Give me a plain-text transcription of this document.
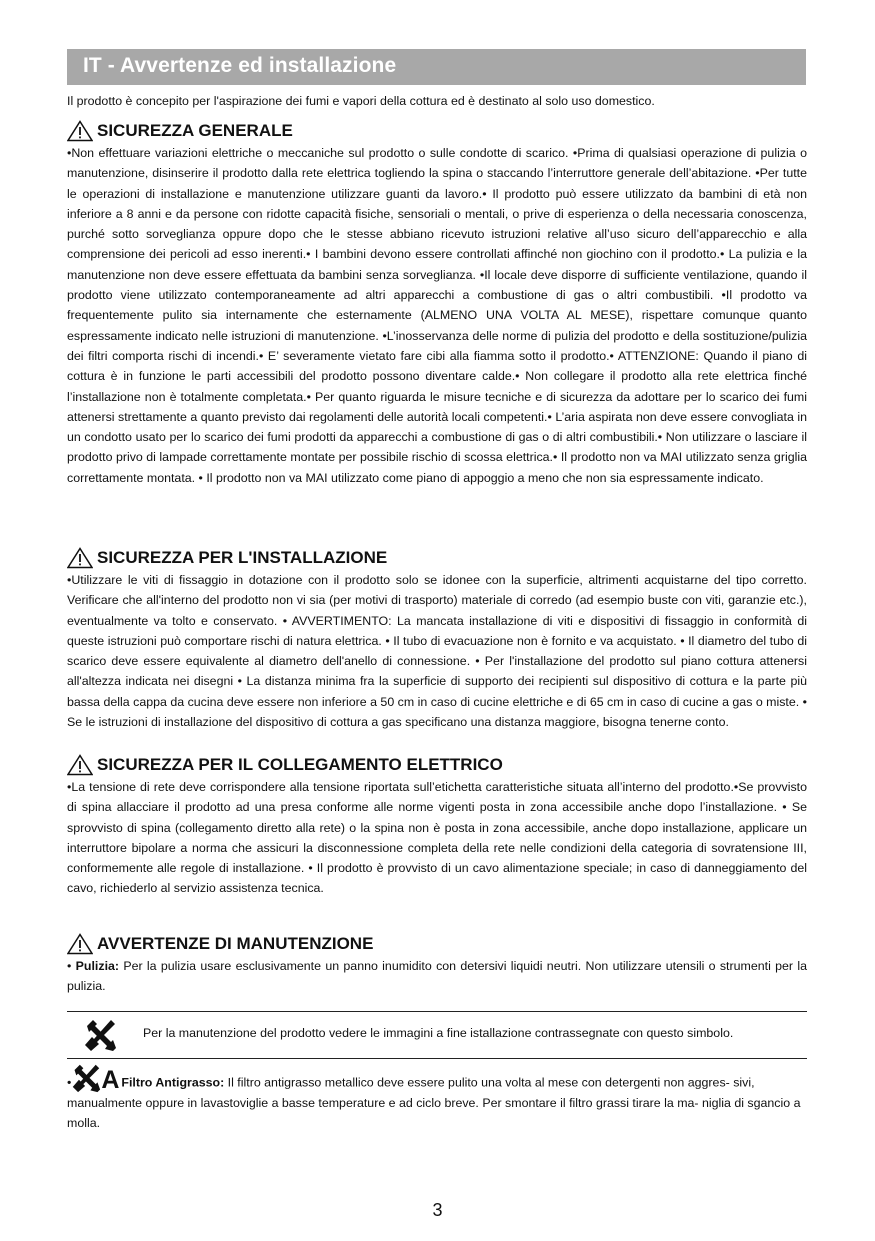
IT - Avvertenze ed installazione
Il prodotto è concepito per l'aspirazione dei fumi e vapori della cottura ed è destinato al solo uso domestico.
SICUREZZA GENERALE
•Non effettuare variazioni elettriche o meccaniche sul prodotto o sulle condotte di scarico. •Prima di qualsiasi operazione di pulizia o manutenzione, disinserire il prodotto dalla rete elettrica togliendo la spina o staccando l’interruttore generale dell’abitazione. •Per tutte le operazioni di installazione e manutenzione utilizzare guanti da lavoro.• Il prodotto può essere utilizzato da bambini di età non inferiore a 8 anni e da persone con ridotte capacità fisiche, sensoriali o mentali, o prive di esperienza o della necessaria conoscenza, purché sotto sorveglianza oppure dopo che le stesse abbiano ricevuto istruzioni relative all’uso sicuro dell’apparecchio e alla comprensione dei pericoli ad esso inerenti.• I bambini devono essere controllati affinché non giochino con il prodotto.• La pulizia e la manutenzione non deve essere effettuata da bambini senza sorveglianza. •Il locale deve disporre di sufficiente ventilazione, quando il prodotto viene utilizzato contemporaneamente ad altri apparecchi a combustione di gas o altri combustibili. •Il prodotto va frequentemente pulito sia internamente che esternamente (ALMENO UNA VOLTA AL MESE), rispettare comunque quanto espressamente indicato nelle istruzioni di manutenzione. •L’inosservanza delle norme di pulizia del prodotto e della sostituzione/pulizia dei filtri comporta rischi di incendi.• E’ severamente vietato fare cibi alla fiamma sotto il prodotto.• ATTENZIONE: Quando il piano di cottura è in funzione le parti accessibili del prodotto possono diventare calde.• Non collegare il prodotto alla rete elettrica finché l’installazione non è totalmente completata.• Per quanto riguarda le misure tecniche e di sicurezza da adottare per lo scarico dei fumi attenersi strettamente a quanto previsto dai regolamenti delle autorità locali competenti.• L’aria aspirata non deve essere convogliata in un condotto usato per lo scarico dei fumi prodotti da apparecchi a combustione di gas o di altri combustibili.• Non utilizzare o lasciare il prodotto privo di lampade correttamente montate per possibile rischio di scossa elettrica.• Il prodotto non va MAI utilizzato senza griglia correttamente montata. • Il prodotto non va MAI utilizzato come piano di appoggio a meno che non sia espressamente indicato.
SICUREZZA PER L'INSTALLAZIONE
•Utilizzare le viti di fissaggio in dotazione con il prodotto solo se idonee con la superficie, altrimenti acquistarne del tipo corretto. Verificare che all'interno del prodotto non vi sia (per motivi di trasporto) materiale di corredo (ad esempio buste con viti, garanzie etc.), eventualmente va tolto e conservato. • AVVERTIMENTO: La mancata installazione di viti e dispositivi di fissaggio in conformità di queste istruzioni può comportare rischi di natura elettrica. • Il tubo di evacuazione non è fornito e va acquistato. • Il diametro del tubo di scarico deve essere equivalente al diametro dell'anello di connessione. • Per l'installazione del prodotto sul piano cottura attenersi all'altezza indicata nei disegni • La distanza minima fra la superficie di supporto dei recipienti sul dispositivo di cottura e la parte più bassa della cappa da cucina deve essere non inferiore a 50 cm in caso di cucine elettriche e di 65 cm in caso di cucine a gas o miste. • Se le istruzioni di installazione del dispositivo di cottura a gas specificano una distanza maggiore, bisogna tenerne conto.
SICUREZZA PER IL COLLEGAMENTO ELETTRICO
•La tensione di rete deve corrispondere alla tensione riportata sull’etichetta caratteristiche situata all’interno del prodotto.•Se provvisto di spina allacciare il prodotto ad una presa conforme alle norme vigenti posta in zona accessibile anche dopo l’installazione. • Se sprovvisto di spina (collegamento diretto alla rete) o la spina non è posta in zona accessibile, anche dopo installazione, applicare un interruttore bipolare a norma che assicuri la disconnessione completa della rete nelle condizioni della categoria di sovratensione III, conformemente alle regole di installazione. • Il prodotto è provvisto di un cavo alimentazione speciale; in caso di danneggiamento del cavo, richiederlo al servizio assistenza tecnica.
AVVERTENZE DI MANUTENZIONE
• Pulizia: Per la pulizia usare esclusivamente un panno inumidito con detersivi liquidi neutri. Non utilizzare utensili o strumenti per la pulizia.
Per la manutenzione del prodotto vedere le immagini a fine istallazione contrassegnate con questo simbolo.
• A Filtro Antigrasso: Il filtro antigrasso metallico deve essere pulito una volta al mese con detergenti non aggres- sivi, manualmente oppure in lavastoviglie a basse temperature e ad ciclo breve. Per smontare il filtro grassi tirare la ma- niglia di sgancio a molla.
3
